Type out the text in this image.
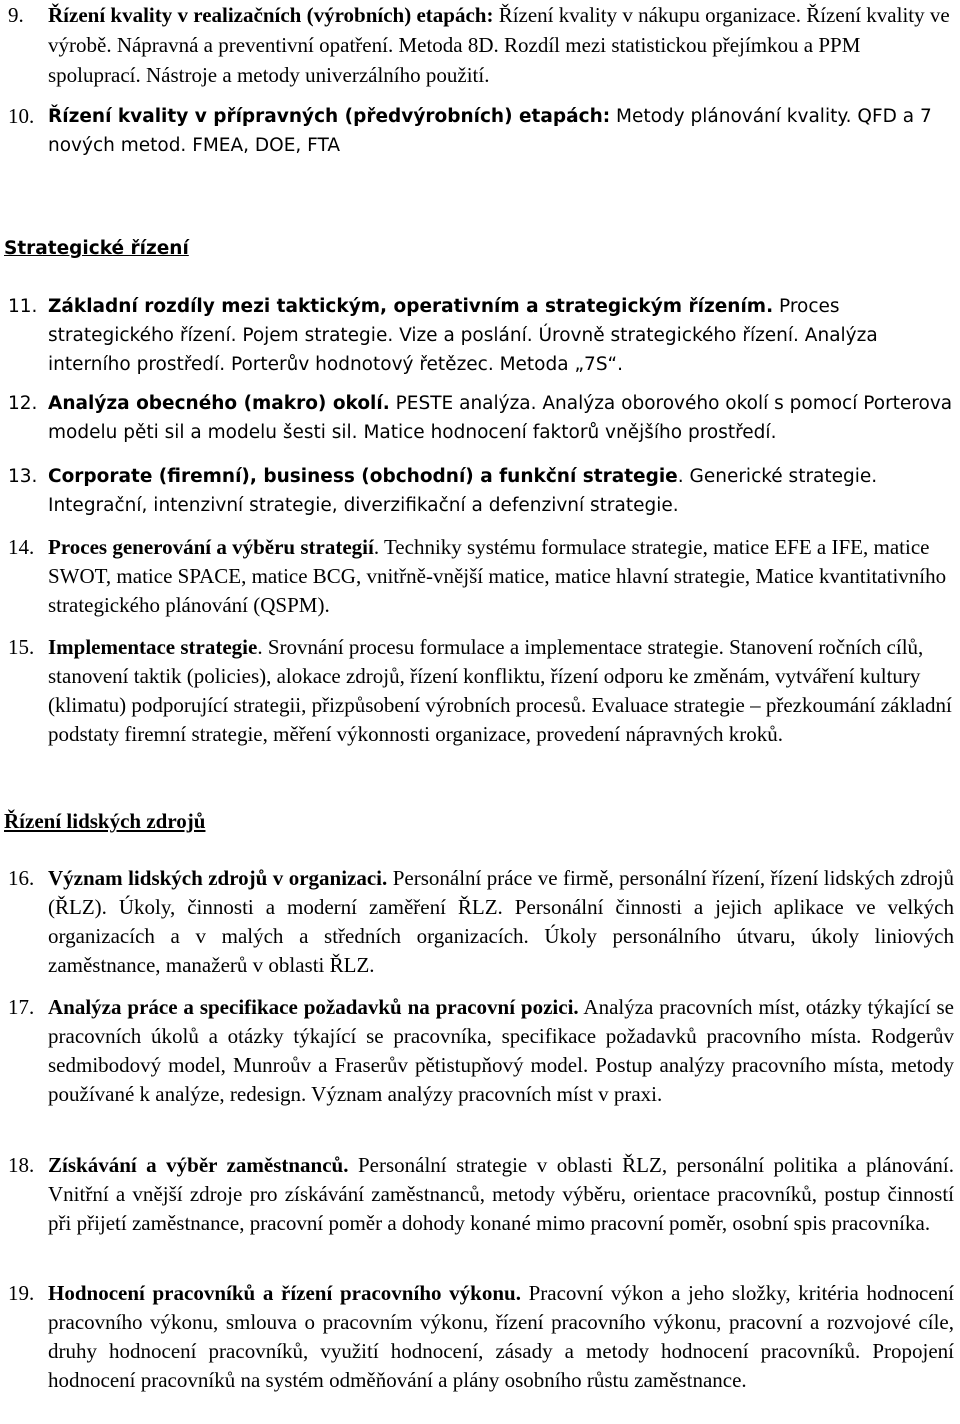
9. Řízení kvality v realizačních (výrobních) etapách: Řízení kvality v nákupu organizace. Řízení kvality ve výrobě. Nápravná a preventivní opatření. Metoda 8D. Rozdíl mezi statistickou přejímkou a PPM spoluprací. Nástroje a metody univerzálního použití.
10. Řízení kvality v přípravných (předvýrobních) etapách: Metody plánování kvality. QFD a 7 nových metod. FMEA, DOE, FTA
Strategické řízení
11. Základní rozdíly mezi taktickým, operativním a strategickým řízením. Proces strategického řízení. Pojem strategie. Vize a poslání. Úrovně strategického řízení. Analýza interního prostředí. Porterův hodnotový řetězec. Metoda „7S“.
12. Analýza obecného (makro) okolí. PESTE analýza. Analýza oborového okolí s pomocí Porterova modelu pěti sil a modelu šesti sil. Matice hodnocení faktorů vnějšího prostředí.
13. Corporate (firemní), business (obchodní) a funkční strategie. Generické strategie. Integrační, intenzivní strategie, diverzifikační a defenzivní strategie.
14. Proces generování a výběru strategií. Techniky systému formulace strategie, matice EFE a IFE, matice SWOT, matice SPACE, matice BCG, vnitřně-vnější matice, matice hlavní strategie, Matice kvantitativního strategického plánování (QSPM).
15. Implementace strategie. Srovnání procesu formulace a implementace strategie. Stanovení ročních cílů, stanovení taktik (policies), alokace zdrojů, řízení konfliktu, řízení odporu ke změnám, vytváření kultury (klimatu) podporující strategii, přizpůsobení výrobních procesů. Evaluace strategie – přezkoumání základní podstaty firemní strategie, měření výkonnosti organizace, provedení nápravných kroků.
Řízení lidských zdrojů
16. Význam lidských zdrojů v organizaci. Personální práce ve firmě, personální řízení, řízení lidských zdrojů (ŘLZ). Úkoly, činnosti a moderní zaměření ŘLZ. Personální činnosti a jejich aplikace ve velkých organizacích a v malých a středních organizacích. Úkoly personálního útvaru, úkoly liniových zaměstnance, manažerů v oblasti ŘLZ.
17. Analýza práce a specifikace požadavků na pracovní pozici. Analýza pracovních míst, otázky týkající se pracovních úkolů a otázky týkající se pracovníka, specifikace požadavků pracovního místa. Rodgerův sedmibodový model, Munroův a Fraserův pětistupňový model. Postup analýzy pracovního místa, metody používané k analýze, redesign. Význam analýzy pracovních míst v praxi.
18. Získávání a výběr zaměstnanců. Personální strategie v oblasti ŘLZ, personální politika a plánování. Vnitřní a vnější zdroje pro získávání zaměstnanců, metody výběru, orientace pracovníků, postup činností při přijetí zaměstnance, pracovní poměr a dohody konané mimo pracovní poměr, osobní spis pracovníka.
19. Hodnocení pracovníků a řízení pracovního výkonu. Pracovní výkon a jeho složky, kritéria hodnocení pracovního výkonu, smlouva o pracovním výkonu, řízení pracovního výkonu, pracovní a rozvojové cíle, druhy hodnocení pracovníků, využití hodnocení, zásady a metody hodnocení pracovníků. Propojení hodnocení pracovníků na systém odměňování a plány osobního růstu zaměstnance.
